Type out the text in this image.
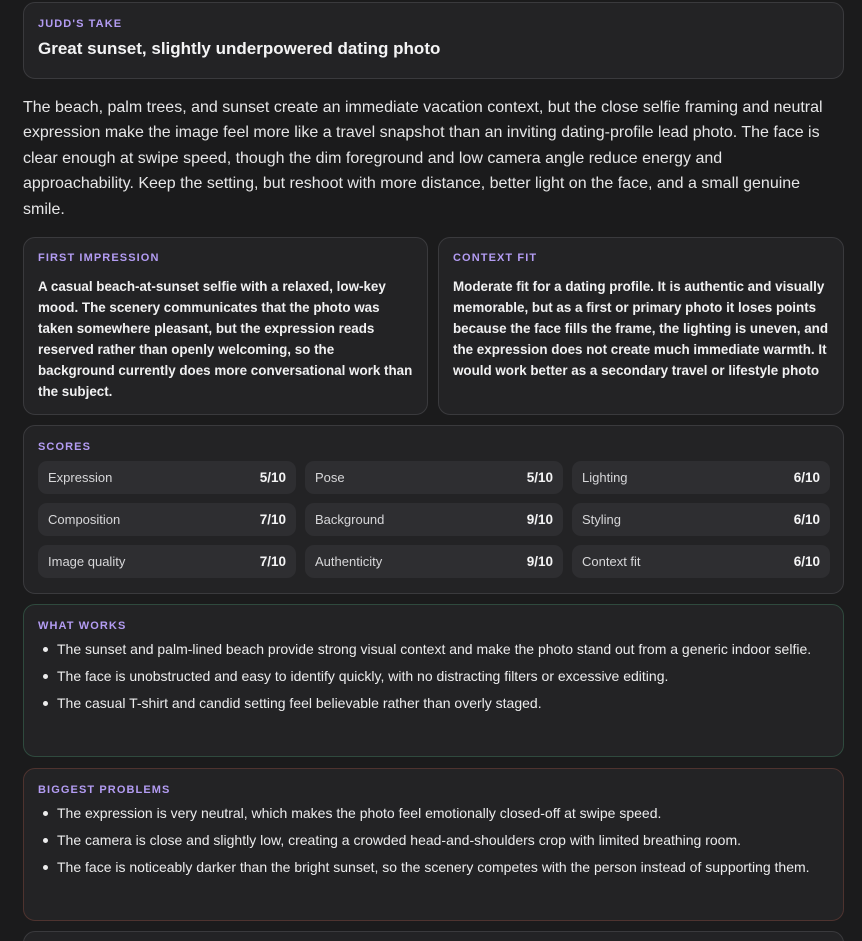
JUDD'S TAKE
Great sunset, slightly underpowered dating photo
The beach, palm trees, and sunset create an immediate vacation context, but the close selfie framing and neutral expression make the image feel more like a travel snapshot than an inviting dating-profile lead photo. The face is clear enough at swipe speed, though the dim foreground and low camera angle reduce energy and approachability. Keep the setting, but reshoot with more distance, better light on the face, and a small genuine smile.
FIRST IMPRESSION
A casual beach-at-sunset selfie with a relaxed, low-key mood. The scenery communicates that the photo was taken somewhere pleasant, but the expression reads reserved rather than openly welcoming, so the background currently does more conversational work than the subject.
CONTEXT FIT
Moderate fit for a dating profile. It is authentic and visually memorable, but as a first or primary photo it loses points because the face fills the frame, the lighting is uneven, and the expression does not create much immediate warmth. It would work better as a secondary travel or lifestyle photo
SCORES
Expression	5/10 Pose	5/10 Lighting	6/10
Composition	7/10 Background	9/10 Styling	6/10
Image quality	7/10 Authenticity	9/10 Context fit	6/10
WHAT WORKS
The sunset and palm-lined beach provide strong visual context and make the photo stand out from a generic indoor selfie.
The face is unobstructed and easy to identify quickly, with no distracting filters or excessive editing.
The casual T-shirt and candid setting feel believable rather than overly staged.
BIGGEST PROBLEMS
The expression is very neutral, which makes the photo feel emotionally closed-off at swipe speed.
The camera is close and slightly low, creating a crowded head-and-shoulders crop with limited breathing room.
The face is noticeably darker than the bright sunset, so the scenery competes with the person instead of supporting them.
